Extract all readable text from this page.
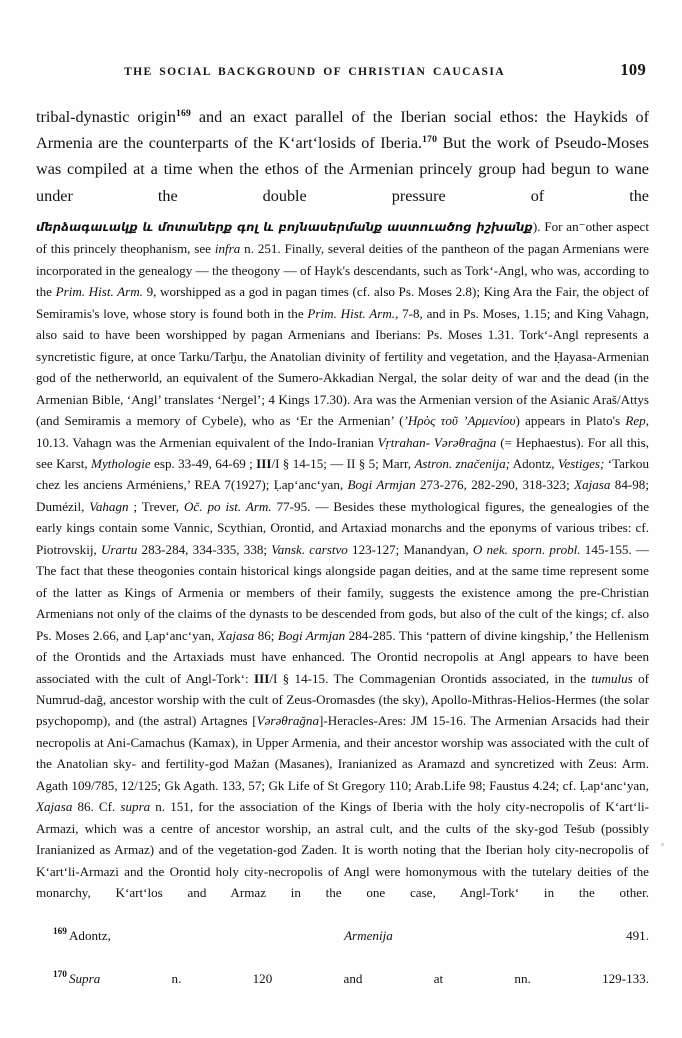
THE SOCIAL BACKGROUND OF CHRISTIAN CAUCASIA	109

tribal-dynastic origin$^{169}$ and an exact parallel of the Iberian social ethos: the Haykids of Armenia are the counterparts of the Kʻartʻlosids of Iberia.$^{170}$ But the work of Pseudo-Moses was compiled at a time when the ethos of the Armenian princely group had begun to wane under the double pressure of the

մերձագաւակք և մոտաներք գոլ և բոյնասերմանք աստուածոց իշխանք). For an⁻othеr aspect of this princely theophanism, see infra n. 251. Finally, several deities of the pantheon of the pagan Armenians were incorporated in the genealogy — the theogony — of Hayk's descendants, such as Torkʻ-Angl, who was, according to the Prim. Hist. Arm. 9, worshipped as a god in pagan times (cf. also Ps. Moses 2.8); King Ara the Fair, the object of Semiramis's love, whose story is found both in the Prim. Hist. Arm., 7-8, and in Ps. Moses, 1.15; and King Vahagn, also said to have been worshipped by pagan Armenians and Iberians: Ps. Moses 1.31. Torkʻ-Angl represents a syncretistic figure, at once Tarku/Tarḫu, the Anatolian divinity of fertility and vegetation, and the Ḥayasa-Armenian god of the netherworld, an equivalent of the Sumero-Akkadian Nergal, the solar deity of war and the dead (in the Armenian Bible, ‘Angl’ translates ‘Nergel’; 4 Kings 17.30). Ara was the Armenian version of the Asianic Araš/Attys (and Semiramis a memory of Cybele), who as ‘Er the Armenian’ (’Ηρὸς τοῦ ’Αρμενίου) appears in Plato's Rep, 10.13. Vahagn was the Armenian equivalent of the Indo-Iranian Vṛtrahan- Vərəθrağna (= Hephaestus). For all this, see Karst, Mythologie esp. 33-49, 64-69 ; III/I § 14-15; — II § 5; Marr, Astron. značenija; Adontz, Vestiges; ‘Tarkou chez les anciens Arméniens,’ REA 7(1927); Ḷapʻancʻyan, Bogi Armjan 273-276, 282-290, 318-323; Xajasa 84-98; Dumézil, Vahagn ; Trever, Oč. po ist. Arm. 77-95. — Besides these mythological figures, the genealogies of the early kings contain some Vannic, Scythian, Orontid, and Artaxiad monarchs and the eponyms of various tribes: cf. Piotrovskij, Urartu 283-284, 334-335, 338; Vansk. carstvo 123-127; Manandyan, O nek. sporn. probl. 145-155. — The fact that these theogonies contain historical kings alongside pagan deities, and at the same time represent some of the latter as Kings of Armenia or members of their family, suggests the existence among the pre-Christian Armenians not only of the claims of the dynasts to be descended from gods, but also of the cult of the kings; cf. also Ps. Moses 2.66, and Ḷapʻancʻyan, Xajasa 86; Bogi Armjan 284-285. This ‘pattern of divine kingship,’ the Hellenism of the Orontids and the Artaxiads must have enhanced. The Orontid necropolis at Angl appears to have been associated with the cult of Angl-Torkʻ: III/I § 14-15. The Commagenian Orontids associated, in the tumulus of Numrud-dağ, ancestor worship with the cult of Zeus-Oromasdes (the sky), Apollo-Mithras-Helios-Hermes (the solar psychopomp), and (the astral) Artagnes [Vərəθrağna]-Heracles-Ares: JM 15-16. The Armenian Arsacids had their necropolis at Ani-Camachus (Kamax), in Upper Armenia, and their ancestor worship was associated with the cult of the Anatolian sky- and fertility-god Mažan (Masanes), Iranianized as Aramazd and syncretized with Zeus: Arm. Agath 109/785, 12/125; Gk Agath. 133, 57; Gk Life of St Gregory 110; Arab.Life 98; Faustus 4.24; cf. Ḷapʻancʻyan, Xajasa 86. Cf. supra n. 151, for the association of the Kings of Iberia with the holy city-necropolis of Kʻartʻli-Armazi, which was a centre of ancestor worship, an astral cult, and the cults of the sky-god Tešub (possibly Iranianized as Armaz) and of the vegetation-god Zaden. It is worth noting that the Iberian holy city-necropolis of Kʻartʻli-Armazi and the Orontid holy city-necropolis of Angl were homonymous with the tutelary deities of the monarchy, Kʻartʻlos and Armaz in the one case, Angl-Torkʻ in the other.

$^{169}$ Adontz, Armenija 491.

$^{170}$ Supra n. 120 and at nn. 129-133.
